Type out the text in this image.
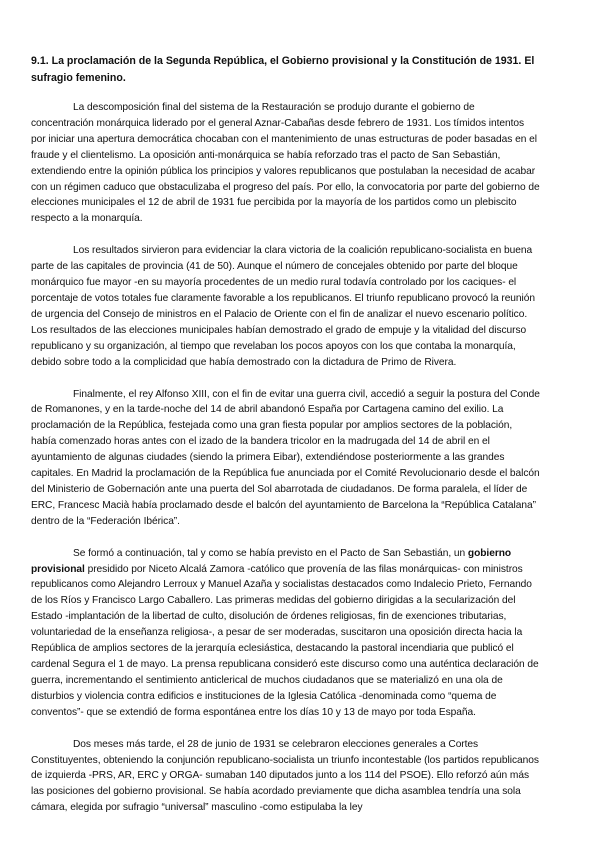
9.1. La proclamación de la Segunda República, el Gobierno provisional y la Constitución de 1931. El sufragio femenino.

La descomposición final del sistema de la Restauración se produjo durante el gobierno de concentración monárquica liderado por el general Aznar-Cabañas desde febrero de 1931. Los tímidos intentos por iniciar una apertura democrática chocaban con el mantenimiento de unas estructuras de poder basadas en el fraude y el clientelismo. La oposición anti-monárquica se había reforzado tras el pacto de San Sebastián, extendiendo entre la opinión pública los principios y valores republicanos que postulaban la necesidad de acabar con un régimen caduco que obstaculizaba el progreso del país. Por ello, la convocatoria por parte del gobierno de elecciones municipales el 12 de abril de 1931 fue percibida por la mayoría de los partidos como un plebiscito respecto a la monarquía.

Los resultados sirvieron para evidenciar la clara victoria de la coalición republicano-socialista en buena parte de las capitales de provincia (41 de 50). Aunque el número de concejales obtenido por parte del bloque monárquico fue mayor -en su mayoría procedentes de un medio rural todavía controlado por los caciques- el porcentaje de votos totales fue claramente favorable a los republicanos. El triunfo republicano provocó la reunión de urgencia del Consejo de ministros en el Palacio de Oriente con el fin de analizar el nuevo escenario político. Los resultados de las elecciones municipales habían demostrado el grado de empuje y la vitalidad del discurso republicano y su organización, al tiempo que revelaban los pocos apoyos con los que contaba la monarquía, debido sobre todo a la complicidad que había demostrado con la dictadura de Primo de Rivera.

Finalmente, el rey Alfonso XIII, con el fin de evitar una guerra civil, accedió a seguir la postura del Conde de Romanones, y en la tarde-noche del 14 de abril abandonó España por Cartagena camino del exilio. La proclamación de la República, festejada como una gran fiesta popular por amplios sectores de la población, había comenzado horas antes con el izado de la bandera tricolor en la madrugada del 14 de abril en el ayuntamiento de algunas ciudades (siendo la primera Eibar), extendiéndose posteriormente a las grandes capitales. En Madrid la proclamación de la República fue anunciada por el Comité Revolucionario desde el balcón del Ministerio de Gobernación ante una puerta del Sol abarrotada de ciudadanos. De forma paralela, el líder de ERC, Francesc Macià había proclamado desde el balcón del ayuntamiento de Barcelona la “República Catalana” dentro de la “Federación Ibérica”.

Se formó a continuación, tal y como se había previsto en el Pacto de San Sebastián, un gobierno provisional presidido por Niceto Alcalá Zamora -católico que provenía de las filas monárquicas- con ministros republicanos como Alejandro Lerroux y Manuel Azaña y socialistas destacados como Indalecio Prieto, Fernando de los Ríos y Francisco Largo Caballero. Las primeras medidas del gobierno dirigidas a la secularización del Estado -implantación de la libertad de culto, disolución de órdenes religiosas, fin de exenciones tributarias, voluntariedad de la enseñanza religiosa-, a pesar de ser moderadas, suscitaron una oposición directa hacia la República de amplios sectores de la jerarquía eclesiástica, destacando la pastoral incendiaria que publicó el cardenal Segura el 1 de mayo. La prensa republicana consideró este discurso como una auténtica declaración de guerra, incrementando el sentimiento anticlerical de muchos ciudadanos que se materializó en una ola de disturbios y violencia contra edificios e instituciones de la Iglesia Católica -denominada como “quema de conventos”- que se extendió de forma espontánea entre los días 10 y 13 de mayo por toda España.

Dos meses más tarde, el 28 de junio de 1931 se celebraron elecciones generales a Cortes Constituyentes, obteniendo la conjunción republicano-socialista un triunfo incontestable (los partidos republicanos de izquierda -PRS, AR, ERC y ORGA- sumaban 140 diputados junto a los 114 del PSOE). Ello reforzó aún más las posiciones del gobierno provisional. Se había acordado previamente que dicha asamblea tendría una sola cámara, elegida por sufragio “universal” masculino -como estipulaba la ley
